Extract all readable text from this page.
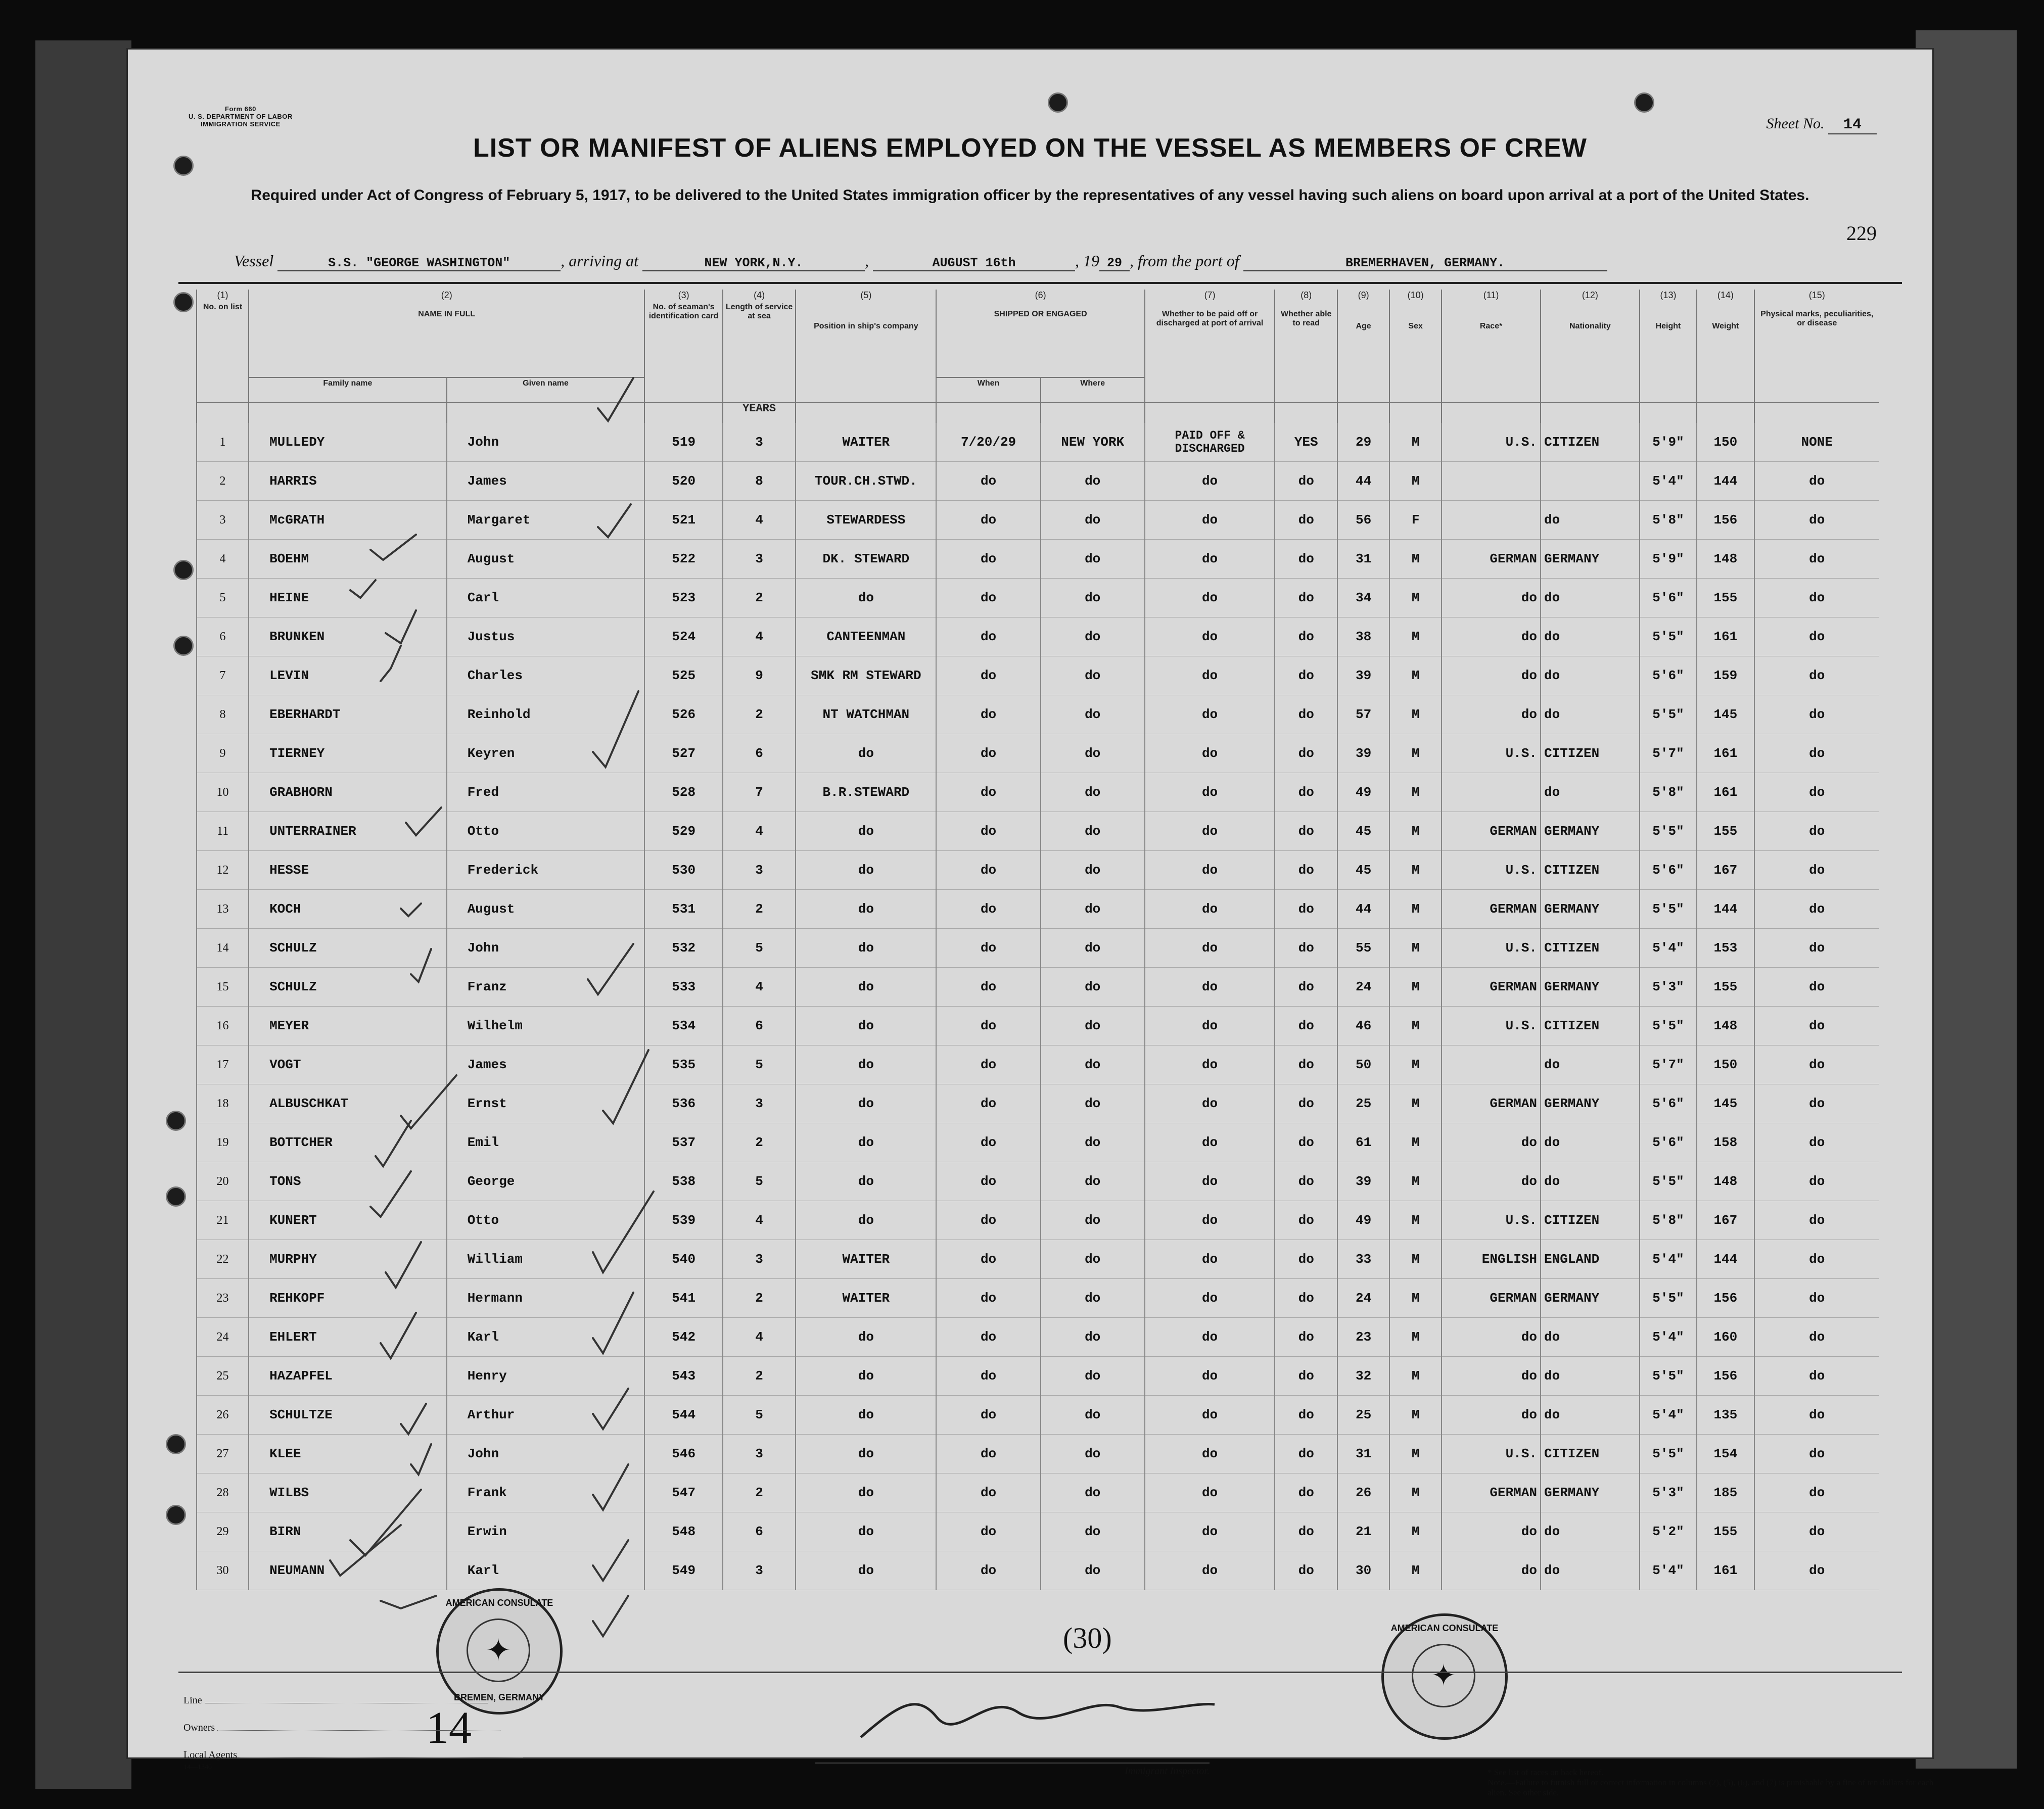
Form 660
U. S. DEPARTMENT OF LABOR
IMMIGRATION SERVICE	Sheet No. 14
LIST OR MANIFEST OF ALIENS EMPLOYED ON THE VESSEL AS MEMBERS OF CREW
Required under Act of Congress of February 5, 1917, to be delivered to the United States immigration officer by the representatives of any vessel having such aliens on board upon arrival at a port of the United States.
229
Vessel	S.S. "GEORGE WASHINGTON"	, arriving at	NEW YORK,N.Y.	,	AUGUST 16th	, 19 29 , from the port of	BREMERHAVEN, GERMANY.
(1)	(2)		(3)	(4)	(5)	(6)		(7)	(8)	(9)	(10)	(11)	(12)	(13)	(14)	(15)
No. on list	NAME IN FULL		No. of seaman's identification card	Length of service at sea	Position in ship's company	SHIPPED OR ENGAGED		Whether to be paid off or discharged at port of arrival	Whether able to read	Age	Sex	Race*	Nationality	Height	Weight	Physical marks, peculiarities, or disease
	Family name	Given name				When	Where									
				YEARS												
1	MULLEDY	John	519	3	WAITER	7/20/29	NEW YORK	PAID OFF & DISCHARGED	YES	29	M	U.S.	CITIZEN	5'9"	150	NONE
2	HARRIS	James	520	8	TOUR.CH.STWD.	do	do	do	do	44	M			5'4"	144	do
3	McGRATH	Margaret	521	4	STEWARDESS	do	do	do	do	56	F		do	5'8"	156	do
4	BOEHM	August	522	3	DK. STEWARD	do	do	do	do	31	M	GERMAN	GERMANY	5'9"	148	do
5	HEINE	Carl	523	2	do	do	do	do	do	34	M	do	do	5'6"	155	do
6	BRUNKEN	Justus	524	4	CANTEENMAN	do	do	do	do	38	M	do	do	5'5"	161	do
7	LEVIN	Charles	525	9	SMK RM STEWARD	do	do	do	do	39	M	do	do	5'6"	159	do
8	EBERHARDT	Reinhold	526	2	NT WATCHMAN	do	do	do	do	57	M	do	do	5'5"	145	do
9	TIERNEY	Keyren	527	6	do	do	do	do	do	39	M	U.S.	CITIZEN	5'7"	161	do
10	GRABHORN	Fred	528	7	B.R.STEWARD	do	do	do	do	49	M		do	5'8"	161	do
11	UNTERRAINER	Otto	529	4	do	do	do	do	do	45	M	GERMAN	GERMANY	5'5"	155	do
12	HESSE	Frederick	530	3	do	do	do	do	do	45	M	U.S.	CITIZEN	5'6"	167	do
13	KOCH	August	531	2	do	do	do	do	do	44	M	GERMAN	GERMANY	5'5"	144	do
14	SCHULZ	John	532	5	do	do	do	do	do	55	M	U.S.	CITIZEN	5'4"	153	do
15	SCHULZ	Franz	533	4	do	do	do	do	do	24	M	GERMAN	GERMANY	5'3"	155	do
16	MEYER	Wilhelm	534	6	do	do	do	do	do	46	M	U.S.	CITIZEN	5'5"	148	do
17	VOGT	James	535	5	do	do	do	do	do	50	M		do	5'7"	150	do
18	ALBUSCHKAT	Ernst	536	3	do	do	do	do	do	25	M	GERMAN	GERMANY	5'6"	145	do
19	BOTTCHER	Emil	537	2	do	do	do	do	do	61	M	do	do	5'6"	158	do
20	TONS	George	538	5	do	do	do	do	do	39	M	do	do	5'5"	148	do
21	KUNERT	Otto	539	4	do	do	do	do	do	49	M	U.S.	CITIZEN	5'8"	167	do
22	MURPHY	William	540	3	WAITER	do	do	do	do	33	M	ENGLISH	ENGLAND	5'4"	144	do
23	REHKOPF	Hermann	541	2	WAITER	do	do	do	do	24	M	GERMAN	GERMANY	5'5"	156	do
24	EHLERT	Karl	542	4	do	do	do	do	do	23	M	do	do	5'4"	160	do
25	HAZAPFEL	Henry	543	2	do	do	do	do	do	32	M	do	do	5'5"	156	do
26	SCHULTZE	Arthur	544	5	do	do	do	do	do	25	M	do	do	5'4"	135	do
27	KLEE	John	546	3	do	do	do	do	do	31	M	U.S.	CITIZEN	5'5"	154	do
28	WILBS	Frank	547	2	do	do	do	do	do	26	M	GERMAN	GERMANY	5'3"	185	do
29	BIRN	Erwin	548	6	do	do	do	do	do	21	M	do	do	5'2"	155	do
30	NEUMANN	Karl	549	3	do	do	do	do	do	30	M	do	do	5'4"	161	do
(30)
14
AMERICAN CONSULATE
✦
BREMEN, GERMANY
AMERICAN CONSULATE
✦
Line
Owners
Local Agents
14—1340	Immigrant Inspector.	* See list of races on back hereof.
Note.—Failure to furnish full or correct information in columns (2), (5), (6), and (7) is punishable by a fine of ten dollars for each alien. See other side.
